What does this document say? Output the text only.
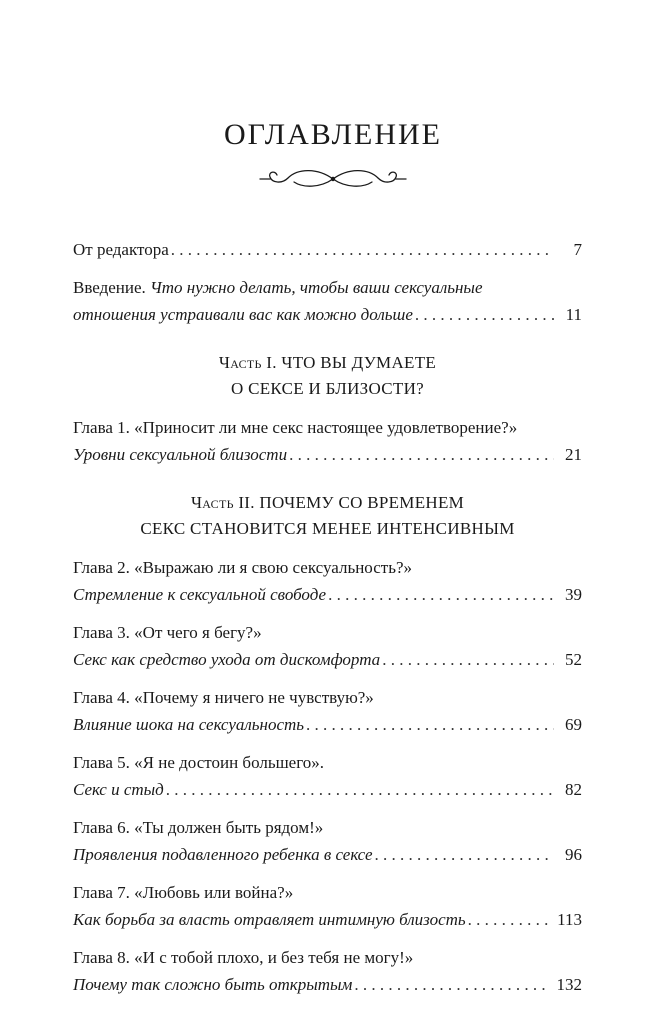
ОГЛАВЛЕНИЕ
От редактора . . .	7
Введение. Что нужно делать, чтобы ваши сексуальные
отношения устраивали вас как можно дольше . . .	11
Часть I. ЧТО ВЫ ДУМАЕТЕ
О СЕКСЕ И БЛИЗОСТИ?
Глава 1. «Приносит ли мне секс настоящее удовлетворение?»
Уровни сексуальной близости . . .	21
Часть II. ПОЧЕМУ СО ВРЕМЕНЕМ
СЕКС СТАНОВИТСЯ МЕНЕЕ ИНТЕНСИВНЫМ
Глава 2. «Выражаю ли я свою сексуальность?»
Стремление к сексуальной свободе . . .	39
Глава 3. «От чего я бегу?»
Секс как средство ухода от дискомфорта . . .	52
Глава 4. «Почему я ничего не чувствую?»
Влияние шока на сексуальность . . .	69
Глава 5. «Я не достоин большего».
Секс и стыд . . .	82
Глава 6. «Ты должен быть рядом!»
Проявления подавленного ребенка в сексе . . .	96
Глава 7. «Любовь или война?»
Как борьба за власть отравляет интимную близость . . .	113
Глава 8. «И с тобой плохо, и без тебя не могу!»
Почему так сложно быть открытым . . .	132
